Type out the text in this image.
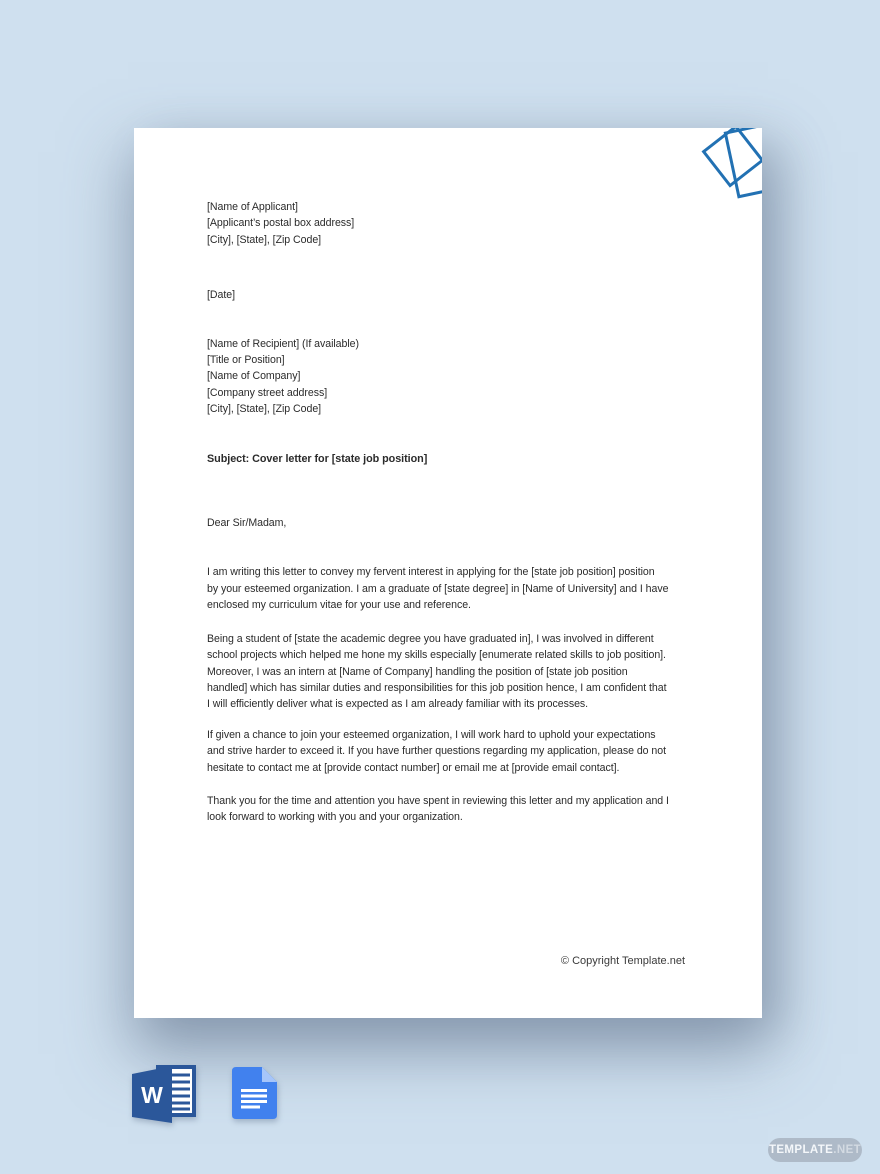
[Name of Applicant]
[Applicant’s postal box address]
[City], [State], [Zip Code]
[Date]
[Name of Recipient] (If available)
[Title or Position]
[Name of Company]
[Company street address]
[City], [State], [Zip Code]
Subject: Cover letter for [state job position]
Dear Sir/Madam,
I am writing this letter to convey my fervent interest in applying for the [state job position] position
by your esteemed organization. I am a graduate of [state degree] in [Name of University] and I have
enclosed my curriculum vitae for your use and reference.
Being a student of [state the academic degree you have graduated in], I was involved in different
school projects which helped me hone my skills especially [enumerate related skills to job position].
Moreover, I was an intern at [Name of Company] handling the position of [state job position
handled] which has similar duties and responsibilities for this job position hence, I am confident that
I will efficiently deliver what is expected as I am already familiar with its processes.
If given a chance to join your esteemed organization, I will work hard to uphold your expectations
and strive harder to exceed it. If you have further questions regarding my application, please do not
hesitate to contact me at [provide contact number] or email me at [provide email contact].
Thank you for the time and attention you have spent in reviewing this letter and my application and I
look forward to working with you and your organization.
© Copyright Template.net
W
TEMPLATE .NET
